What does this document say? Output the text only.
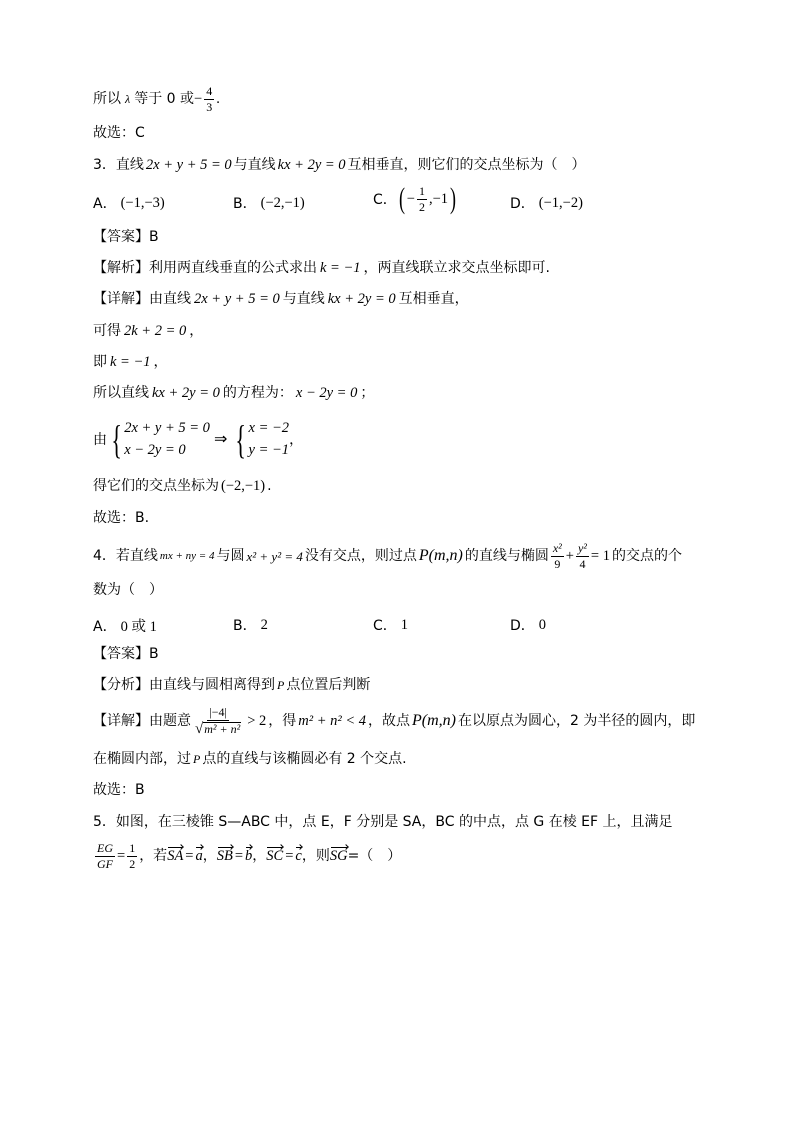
所以 λ 等于 0 或 − $\frac{4}{3}$ .
故选：C
3．直线 2x + y + 5 = 0 与直线 kx + 2y = 0 互相垂直，则它们的交点坐标为（　）
A． (−1,−3)	B． (−2,−1)	C． ( − $\frac{1}{2} ,-1$ )	D． (−1,−2)
【答案】B
【解析】 利用两直线垂直的公式求出 k = −1 ，两直线联立求交点坐标即可.
【详解】 由直线 2x + y + 5 = 0 与直线 kx + 2y = 0 互相垂直，
可得 2k + 2 = 0 ，
即 k = −1 ，
所以直线 kx + 2y = 0 的方程为： x − 2y = 0 ；
由 { 2x + y + 5 = 0
x − 2y = 0
⇒ { x = −2
y = −1
，
得它们的交点坐标为 (−2,−1) .
故选：B.
4．若直线 mx + ny = 4 与圆 x² + y² = 4 没有交点，则过点 P(m,n) 的直线与椭圆 $\frac{\text{x²}}{9} + \frac{\text{y²}}{4} = 1$ 的交点的个
数为（　）
A． 0 或 1	B． 2	C． 1	D． 0
【答案】B
【分析】 由直线与圆相离得到 P 点位置后判断
【详解】 由题意 $\frac{|-4|}{\text{√ m² + n²}} > 2$ ，得 m² + n² < 4 ，故点 P(m,n) 在以原点为圆心，2 为半径的圆内，即
在椭圆内部，过 P 点的直线与该椭圆必有 2 个交点.
故选：B
5．如图，在三棱锥 S—ABC 中，点 E，F 分别是 SA，BC 的中点，点 G 在棱 EF 上，且满足
$\frac{EG}{GF} = \frac{1}{2}$ ，若 SA = a ， SB = b ， SC = c ，则 SG =（　）
